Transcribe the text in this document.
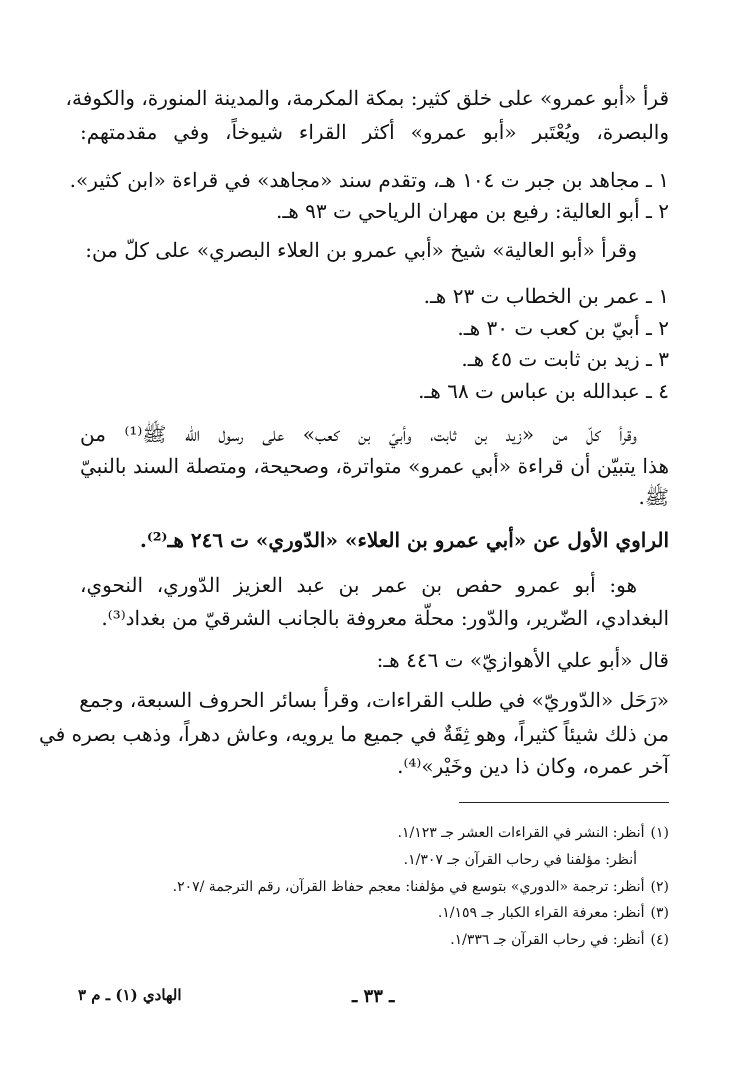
قرأ «أبو عمرو» على خلق كثير: بمكة المكرمة، والمدينة المنورة، والكوفة،
والبصرة، ويُعْتَبر «أبو عمرو» أكثر القراء شيوخاً، وفي مقدمتهم:
١ ـ مجاهد بن جبر ت ١٠٤ هـ، وتقدم سند «مجاهد» في قراءة «ابن كثير».
٢ ـ أبو العالية: رفيع بن مهران الرياحي ت ٩٣ هـ.
وقرأ «أبو العالية» شيخ «أبي عمرو بن العلاء البصري» على كلّ من:
١ ـ عمر بن الخطاب ت ٢٣ هـ.
٢ ـ أبيّ بن كعب ت ٣٠ هـ.
٣ ـ زيد بن ثابت ت ٤٥ هـ.
٤ ـ عبدالله بن عباس ت ٦٨ هـ.
وقرأ كلّ من «زيد بن ثابت، وأبيّ بن كعب» على رسول الله ﷺ⁽¹⁾ من
هذا يتبيّن أن قراءة «أبي عمرو» متواترة، وصحيحة، ومتصلة السند بالنبيّ
ﷺ.
الراوي الأول عن «أبي عمرو بن العلاء» «الدّوري» ت ٢٤٦ هـ⁽²⁾.
هو: أبو عمرو حفص بن عمر بن عبد العزيز الدّوري، النحوي،
البغدادي، الضّرير، والدّور: محلّة معروفة بالجانب الشرقيّ من بغداد⁽³⁾.
قال «أبو علي الأهوازيّ» ت ٤٤٦ هـ:
«رَحَل «الدّوريّ» في طلب القراءات، وقرأ بسائر الحروف السبعة، وجمع
من ذلك شيئاً كثيراً، وهو ثِقَةٌ في جميع ما يرويه، وعاش دهراً، وذهب بصره في
آخر عمره، وكان ذا دين وخَيْر»⁽⁴⁾.
(١)أنظر: النشر في القراءات العشر جـ ١/١٢٣.
أنظر: مؤلفنا في رحاب القرآن جـ ١/٣٠٧.
(٢)أنظر: ترجمة «الدوري» بتوسع في مؤلفنا: معجم حفاظ القرآن، رقم الترجمة /٢٠٧.
(٣)أنظر: معرفة القراء الكبار جـ ١/١٥٩.
(٤)أنظر: في رحاب القرآن جـ ١/٣٣٦.
ـ ٣٣ ـ
الهادي (١) ـ م ٣
